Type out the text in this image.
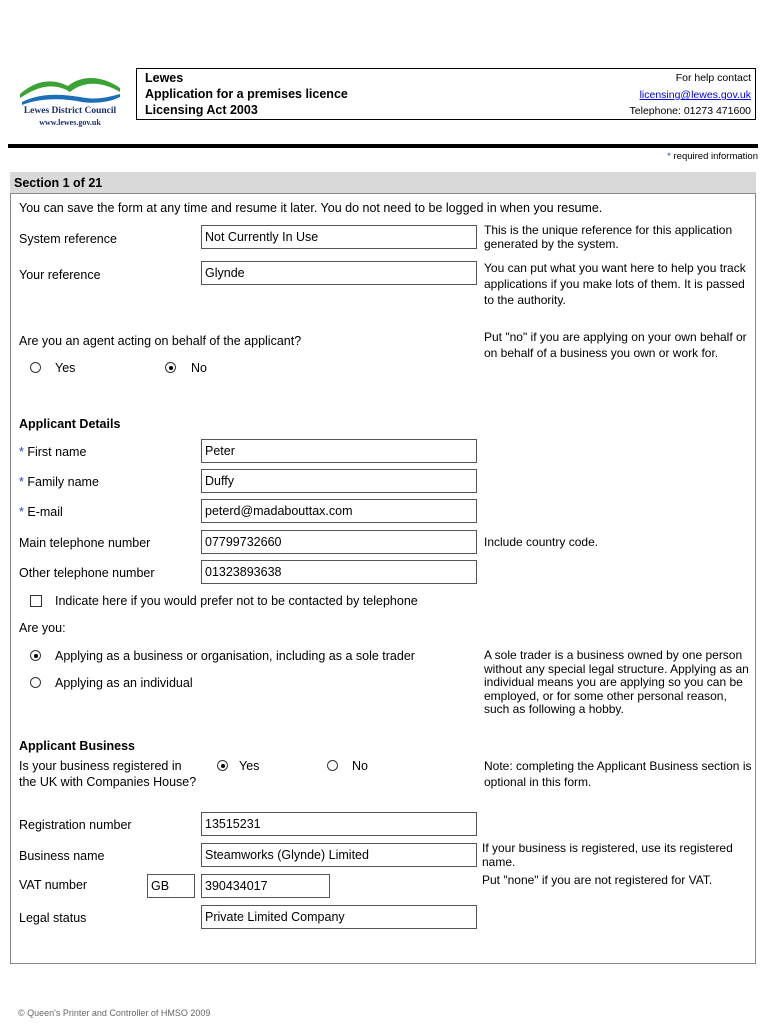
Lewes District Council
www.lewes.gov.uk
Lewes
Application for a premises licence
Licensing Act 2003
For help contact
licensing@lewes.gov.uk
Telephone: 01273 471600
* required information
Section 1 of 21
You can save the form at any time and resume it later. You do not need to be logged in when you resume.
System reference	Not Currently In Use	This is the unique reference for this application generated by the system.
Your reference	Glynde	You can put what you want here to help you track applications if you make lots of them. It is passed to the authority.
Are you an agent acting on behalf of the applicant?
Yes	No
Put "no" if you are applying on your own behalf or on behalf of a business you own or work for.
Applicant Details
* First name	Peter
* Family name	Duffy
* E-mail	peterd@madabouttax.com
Main telephone number	07799732660	Include country code.
Other telephone number	01323893638
Indicate here if you would prefer not to be contacted by telephone
Are you:
Applying as a business or organisation, including as a sole trader
Applying as an individual
A sole trader is a business owned by one person without any special legal structure. Applying as an individual means you are applying so you can be employed, or for some other personal reason, such as following a hobby.
Applicant Business
Is your business registered in the UK with Companies House?
Yes	No	Note: completing the Applicant Business section is optional in this form.
Registration number	13515231
Business name	Steamworks (Glynde) Limited	If your business is registered, use its registered name.
VAT number	GB	390434017	Put "none" if you are not registered for VAT.
Legal status	Private Limited Company
© Queen's Printer and Controller of HMSO 2009
